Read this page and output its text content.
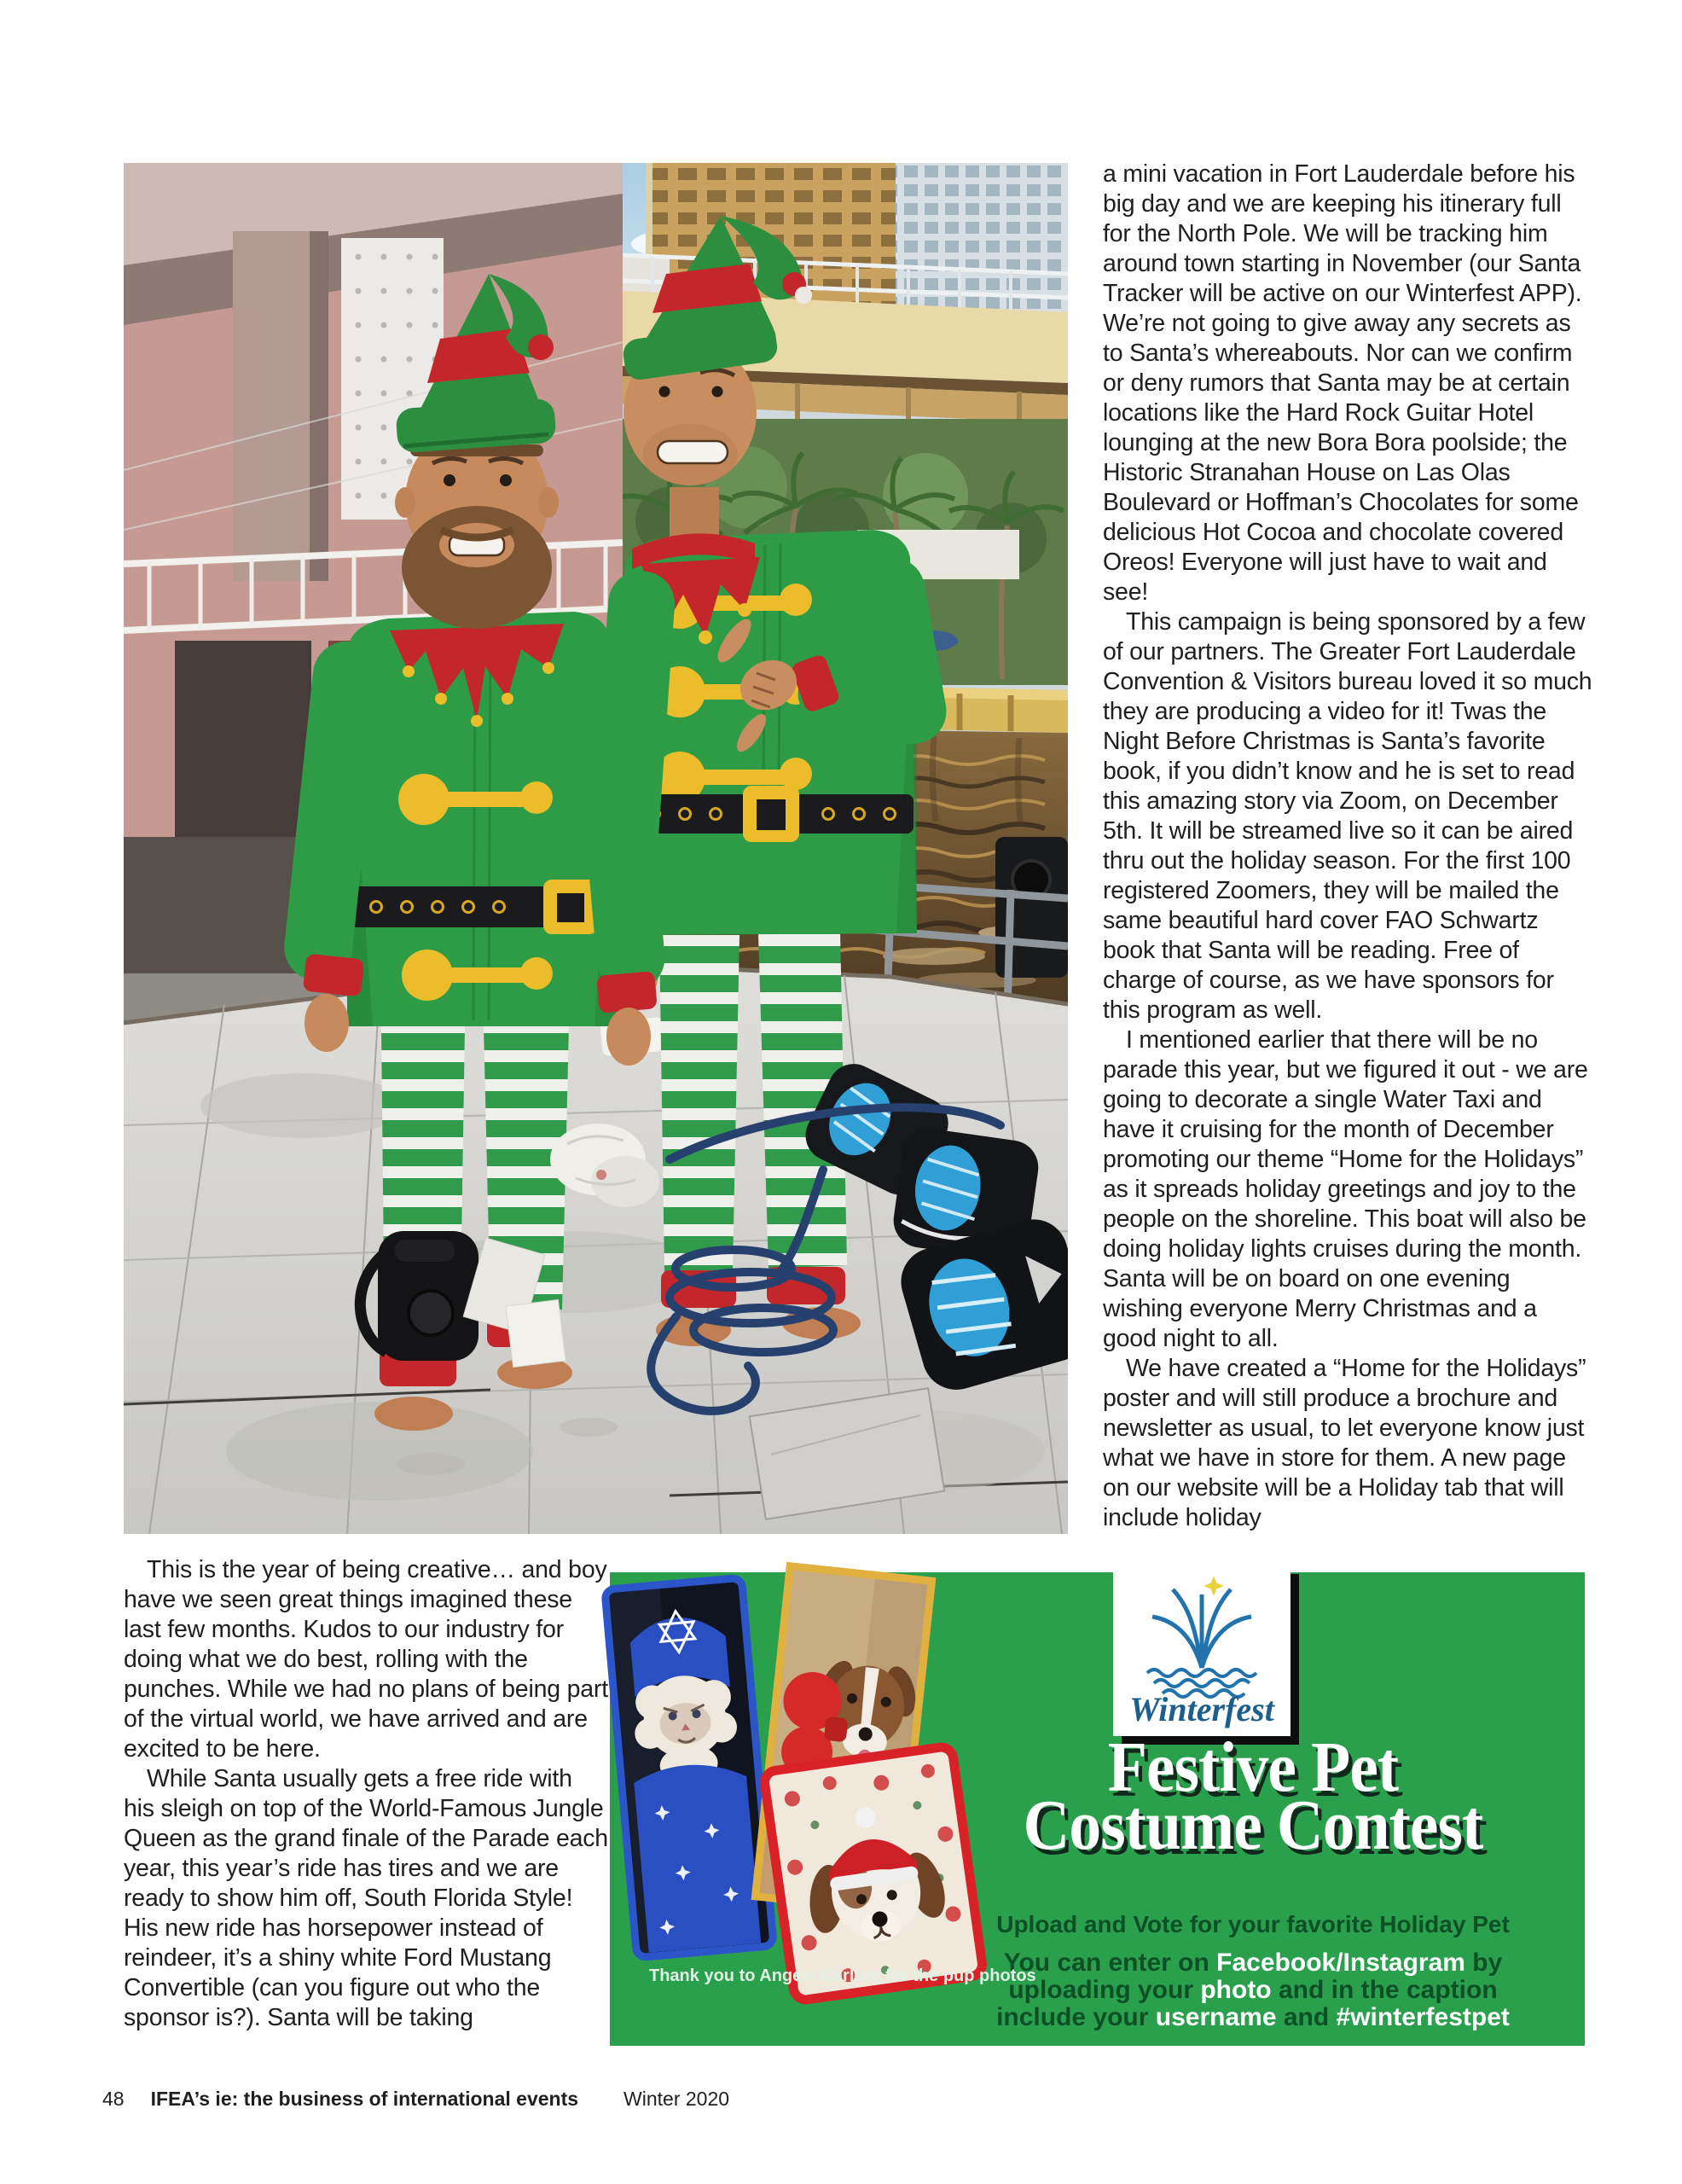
a mini vacation in Fort Lauderdale before his big day and we are keeping his itinerary full for the North Pole. We will be tracking him around town starting in November (our Santa Tracker will be active on our Winterfest APP). We’re not going to give away any secrets as to Santa’s whereabouts. Nor can we confirm or deny rumors that Santa may be at certain locations like the Hard Rock Guitar Hotel lounging at the new Bora Bora poolside; the Historic Stranahan House on Las Olas Boulevard or Hoffman’s Chocolates for some delicious Hot Cocoa and chocolate covered Oreos! Everyone will just have to wait and see!

This campaign is being sponsored by a few of our partners. The Greater Fort Lauderdale Convention & Visitors bureau loved it so much they are producing a video for it! Twas the Night Before Christmas is Santa’s favorite book, if you didn’t know and he is set to read this amazing story via Zoom, on December 5th. It will be streamed live so it can be aired thru out the holiday season. For the first 100 registered Zoomers, they will be mailed the same beautiful hard cover FAO Schwartz book that Santa will be reading. Free of charge of course, as we have sponsors for this program as well.

I mentioned earlier that there will be no parade this year, but we figured it out - we are going to decorate a single Water Taxi and have it cruising for the month of December promoting our theme “Home for the Holidays” as it spreads holiday greetings and joy to the people on the shoreline. This boat will also be doing holiday lights cruises during the month. Santa will be on board on one evening wishing everyone Merry Christmas and a good night to all.

We have created a “Home for the Holidays” poster and will still produce a brochure and newsletter as usual, to let everyone know just what we have in store for them. A new page on our website will be a Holiday tab that will include holiday

This is the year of being creative… and boy have we seen great things imagined these last few months. Kudos to our industry for doing what we do best, rolling with the punches. While we had no plans of being part of the virtual world, we have arrived and are excited to be here.

While Santa usually gets a free ride with his sleigh on top of the World-Famous Jungle Queen as the grand finale of the Parade each year, this year’s ride has tires and we are ready to show him off, South Florida Style! His new ride has horsepower instead of reindeer, it’s a shiny white Ford Mustang Convertible (can you figure out who the sponsor is?). Santa will be taking

Winterfest
Festive Pet
Costume Contest
Upload and Vote for your favorite Holiday Pet
You can enter on Facebook/Instagram by
uploading your photo and in the caption
include your username and #winterfestpet
Thank you to Angela Carlton for the pup photos
48 IFEA’s ie: the business of international events Winter 2020
